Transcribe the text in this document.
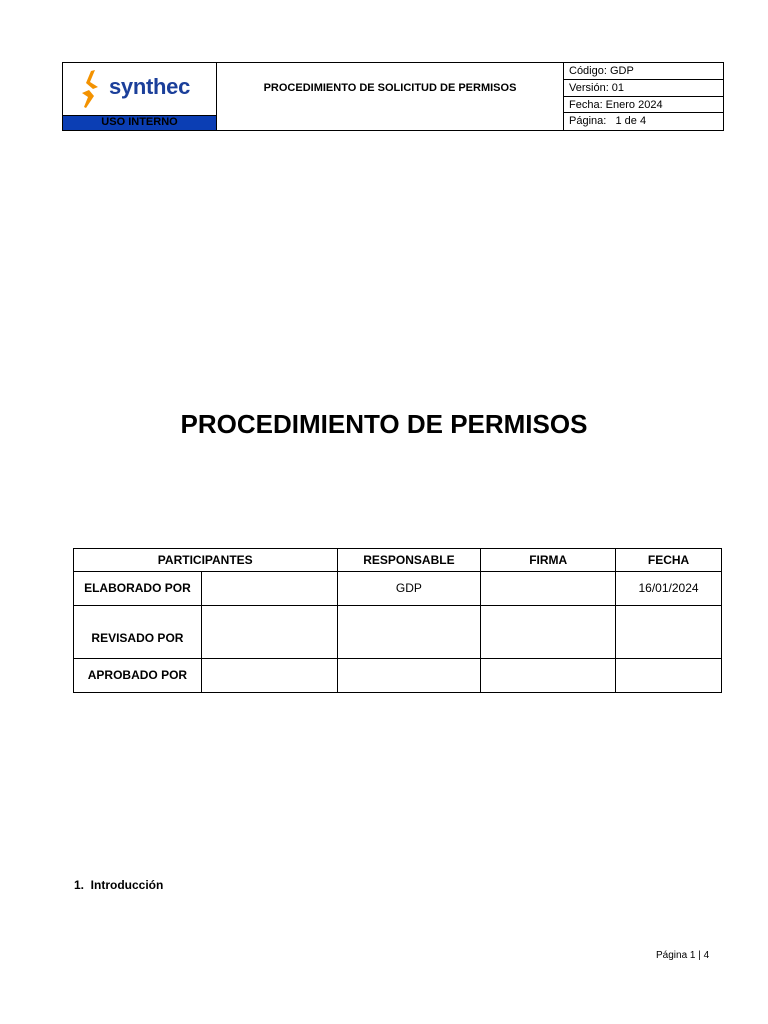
synthec
USO INTERNO
PROCEDIMIENTO DE SOLICITUD DE PERMISOS
Código: GDP
Versión: 01
Fecha: Enero 2024
Página:   1 de 4
PROCEDIMIENTO DE PERMISOS
PARTICIPANTES		RESPONSABLE	FIRMA	FECHA
ELABORADO POR		GDP		16/01/2024
REVISADO POR				
APROBADO POR				
1.  Introducción
Página 1 | 4
